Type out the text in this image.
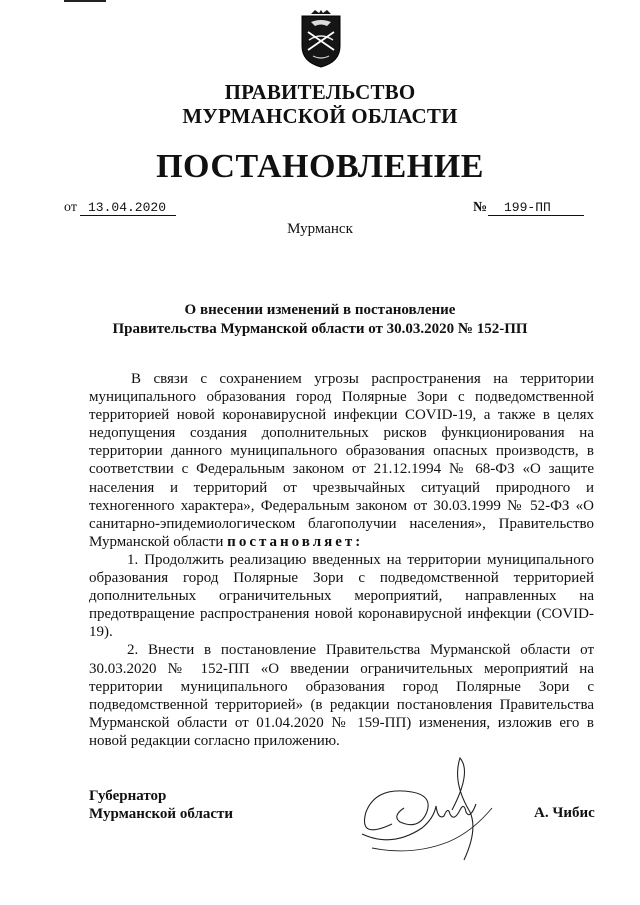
ПРАВИТЕЛЬСТВО
МУРМАНСКОЙ ОБЛАСТИ
ПОСТАНОВЛЕНИЕ
от 13.04.2020	№	199-ПП
Мурманск
О внесении изменений в постановление
Правительства Мурманской области от 30.03.2020 № 152-ПП

В связи с сохранением угрозы распространения на территории муниципального образования город Полярные Зори с подведомственной территорией новой коронавирусной инфекции COVID-19, а также в целях недопущения создания дополнительных рисков функционирования на территории данного муниципального образования опасных производств, в соответствии с Федеральным законом от 21.12.1994 № 68-ФЗ «О защите населения и территорий от чрезвычайных ситуаций природного и техногенного характера», Федеральным законом от 30.03.1999 № 52-ФЗ «О санитарно-эпидемиологическом благополучии населения», Правительство Мурманской области постановляет:

1. Продолжить реализацию введенных на территории муниципального образования город Полярные Зори с подведомственной территорией дополнительных ограничительных мероприятий, направленных на предотвращение распространения новой коронавирусной инфекции (COVID-19).

2. Внести в постановление Правительства Мурманской области от 30.03.2020 № 152-ПП «О введении ограничительных мероприятий на территории муниципального образования город Полярные Зори с подведомственной территорией» (в редакции постановления Правительства Мурманской области от 01.04.2020 № 159-ПП) изменения, изложив его в новой редакции согласно приложению.

Губернатор
Мурманской области	А. Чибис
